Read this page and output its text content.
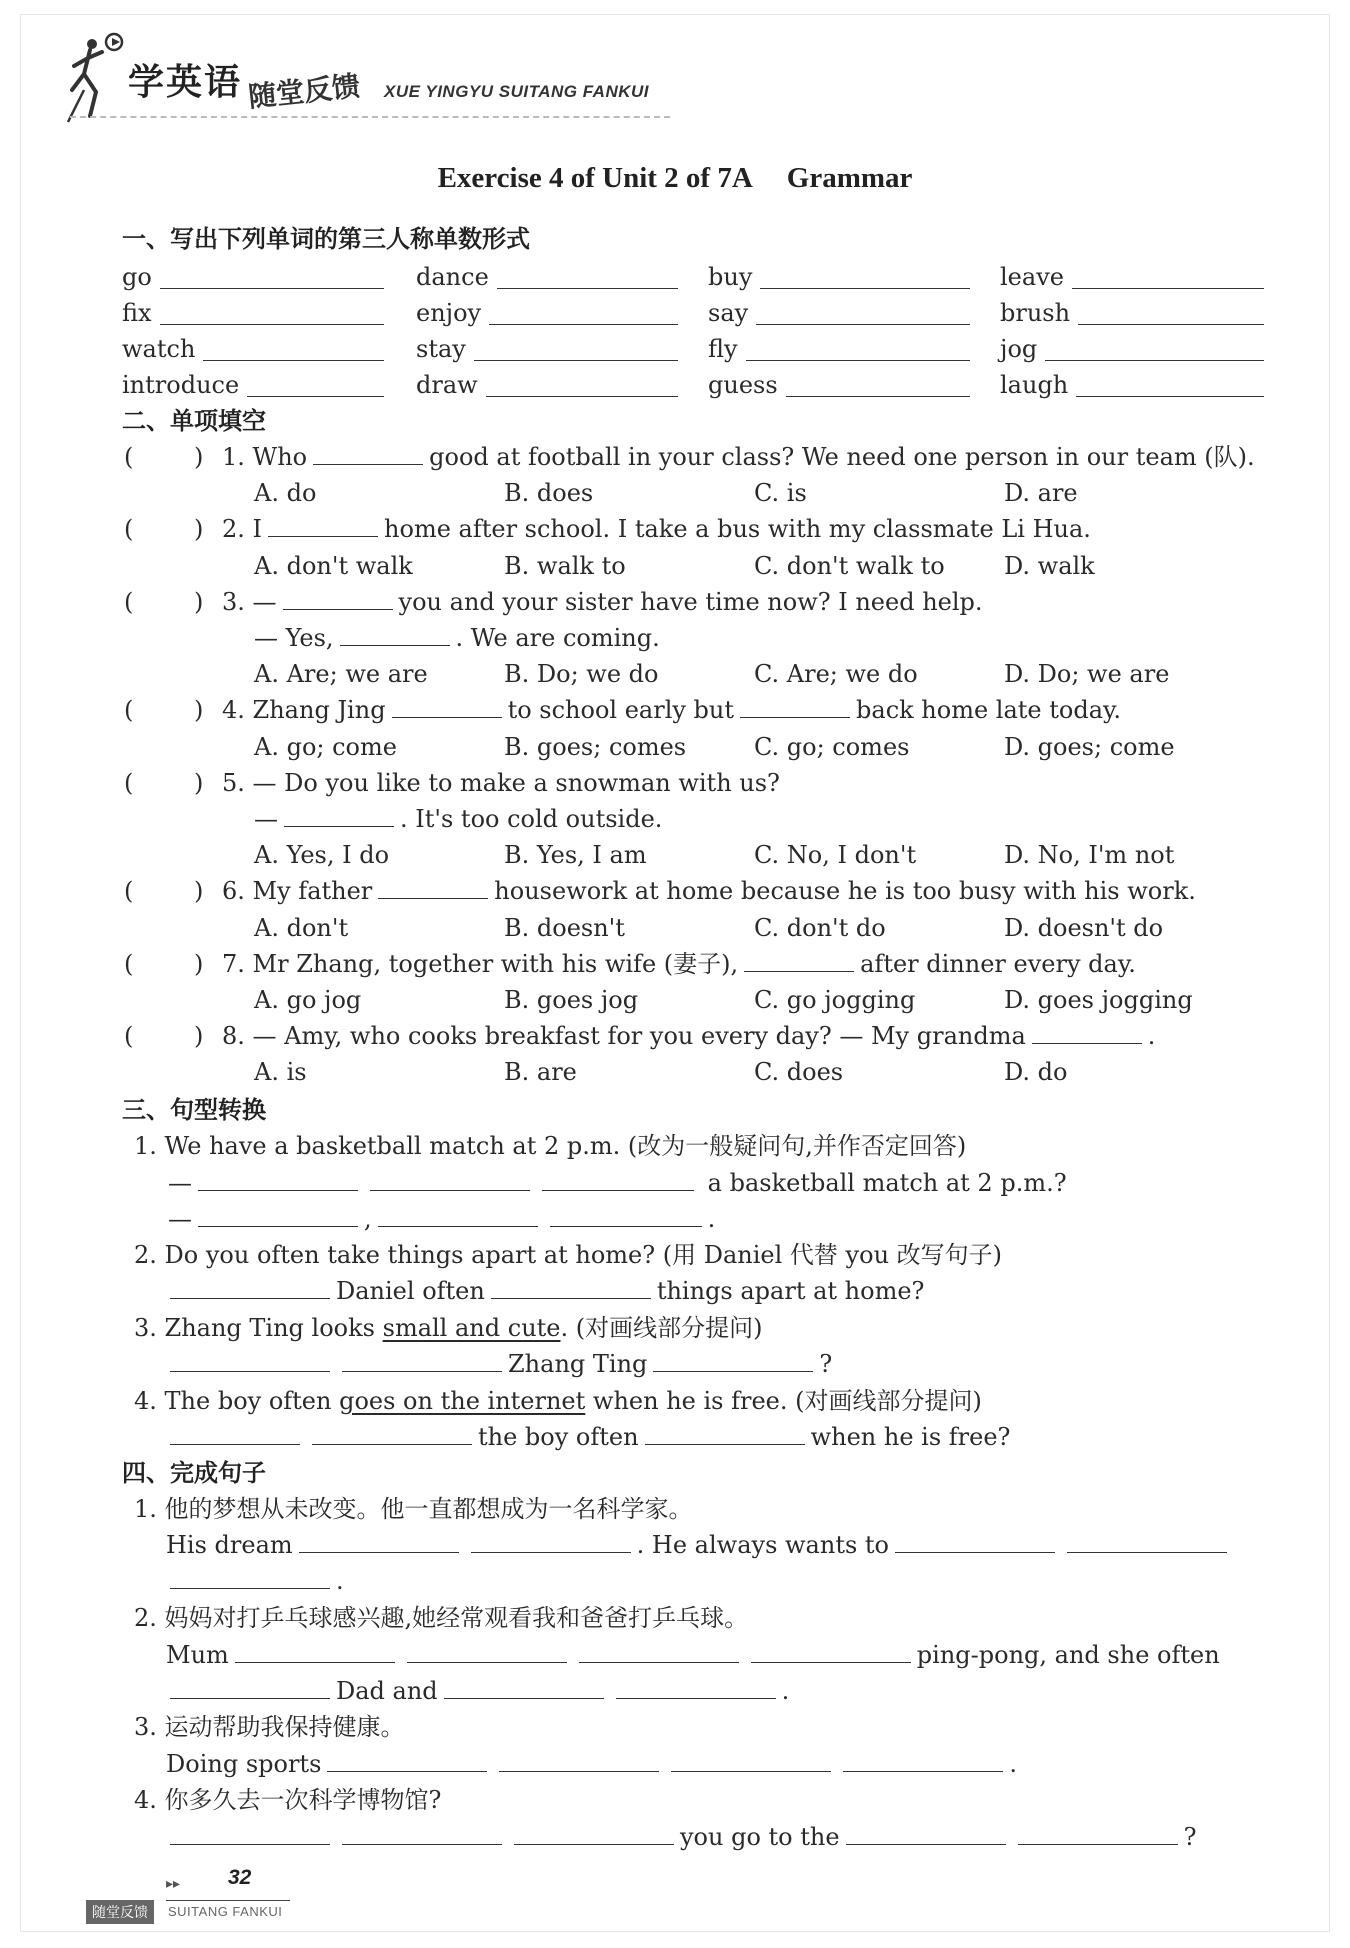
学英语 随堂反馈 XUE YINGYU SUITANG FANKUI
Exercise 4 of Unit 2 of 7A Grammar
一、写出下列单词的第三人称单数形式
go	dance	buy	leave
fix	enjoy	say	brush
watch	stay	fly	jog
introduce	draw	guess	laugh
二、单项填空
(	) 1. Who	good at football in your class? We need one person in our team (队).
A. do	B. does	C. is	D. are
(	) 2. I	home after school. I take a bus with my classmate Li Hua.
A. don't walk	B. walk to	C. don't walk to D. walk
(	) 3. —	you and your sister have time now? I need help.
— Yes,	. We are coming.
A. Are; we are	B. Do; we do	C. Are; we do	D. Do; we are
(	) 4. Zhang Jing	to school early but	back home late today.
A. go; come	B. goes; comes	C. go; comes	D. goes; come
(	) 5. — Do you like to make a snowman with us?
—	. It's too cold outside.
A. Yes, I do	B. Yes, I am	C. No, I don't	D. No, I'm not
(	) 6. My father	housework at home because he is too busy with his work.
A. don't	B. doesn't	C. don't do	D. doesn't do
(	) 7. Mr Zhang, together with his wife (妻子),	after dinner every day.
A. go jog	B. goes jog	C. go jogging	D. goes jogging
(	) 8. — Amy, who cooks breakfast for you every day? — My grandma	.
A. is	B. are	C. does	D. do
三、句型转换
1. We have a basketball match at 2 p.m. (改为一般疑问句,并作否定回答)
—	a basketball match at 2 p.m.?
—	,	.
2. Do you often take things apart at home? (用 Daniel 代替 you 改写句子)
Daniel often	things apart at home?
3. Zhang Ting looks small and cute. (对画线部分提问)
Zhang Ting	?
4. The boy often goes on the internet when he is free. (对画线部分提问)
the boy often	when he is free?
四、完成句子
1. 他的梦想从未改变。他一直都想成为一名科学家。
His dream	. He always wants to
.
2. 妈妈对打乒乓球感兴趣,她经常观看我和爸爸打乒乓球。
Mum	ping-pong, and she often
Dad and	.
3. 运动帮助我保持健康。
Doing sports	.
4. 你多久去一次科学博物馆?
you go to the	?
▸▸ 32
随堂反馈	SUITANG FANKUI
